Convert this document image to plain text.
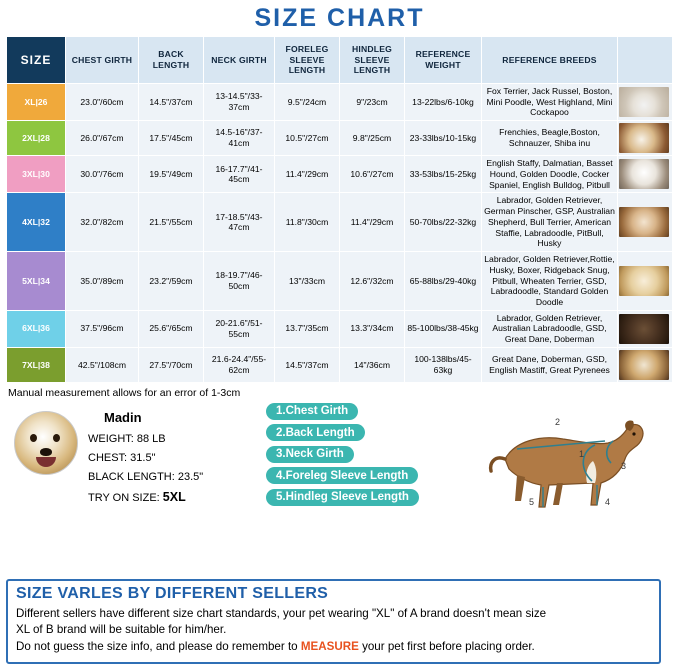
SIZE CHART
SIZE	CHEST GIRTH	BACK LENGTH	NECK GIRTH	FORELEG SLEEVE LENGTH	HINDLEG SLEEVE LENGTH	REFERENCE WEIGHT	REFERENCE BREEDS	
XL|26	23.0"/60cm	14.5"/37cm	13-14.5"/33-37cm	9.5"/24cm	9"/23cm	13-22lbs/6-10kg	Fox Terrier, Jack Russel, Boston, Mini Poodle, West Highland, Mini Cockapoo	

2XL|28	26.0"/67cm	17.5"/45cm	14.5-16"/37-41cm	10.5"/27cm	9.8"/25cm	23-33lbs/10-15kg	Frenchies, Beagle,Boston, Schnauzer, Shiba inu	

3XL|30	30.0"/76cm	19.5"/49cm	16-17.7"/41-45cm	11.4"/29cm	10.6"/27cm	33-53lbs/15-25kg	English Staffy, Dalmatian, Basset Hound, Golden Doodle, Cocker Spaniel, English Bulldog, Pitbull	

4XL|32	32.0"/82cm	21.5"/55cm	17-18.5"/43-47cm	11.8"/30cm	11.4"/29cm	50-70lbs/22-32kg	Labrador, Golden Retriever, German Pinscher, GSP, Australian Shepherd, Bull Terrier, American Staffie, Labradoodle, PitBull, Husky	

5XL|34	35.0"/89cm	23.2"/59cm	18-19.7"/46-50cm	13"/33cm	12.6"/32cm	65-88lbs/29-40kg	Labrador, Golden Retriever,Rottie, Husky, Boxer, Ridgeback Snug, Pitbull, Wheaten Terrier, GSD, Labradoodle, Standard Golden Doodle	

6XL|36	37.5"/96cm	25.6"/65cm	20-21.6"/51-55cm	13.7"/35cm	13.3"/34cm	85-100lbs/38-45kg	Labrador, Golden Retriever, Australian Labradoodle, GSD, Great Dane, Doberman	

7XL|38	42.5"/108cm	27.5"/70cm	21.6-24.4"/55-62cm	14.5"/37cm	14"/36cm	100-138lbs/45-63kg	Great Dane, Doberman, GSD, English Mastiff, Great Pyrenees	
Manual measurement allows for an error of 1-3cm
Madin
WEIGHT: 88 LB
CHEST: 31.5"
BLACK LENGTH: 23.5"
TRY ON SIZE: 5XL
1.Chest Girth
2.Back Length
3.Neck Girth
4.Foreleg Sleeve Length
5.Hindleg Sleeve Length
1
2
3
4
5
SIZE VARLES BY DIFFERENT SELLERS
Different sellers have different size chart standards, your pet wearing "XL" of A brand doesn't mean size
XL of B brand will be suitable for him/her.
Do not guess the size info, and please do remember to MEASURE your pet first before placing order.
